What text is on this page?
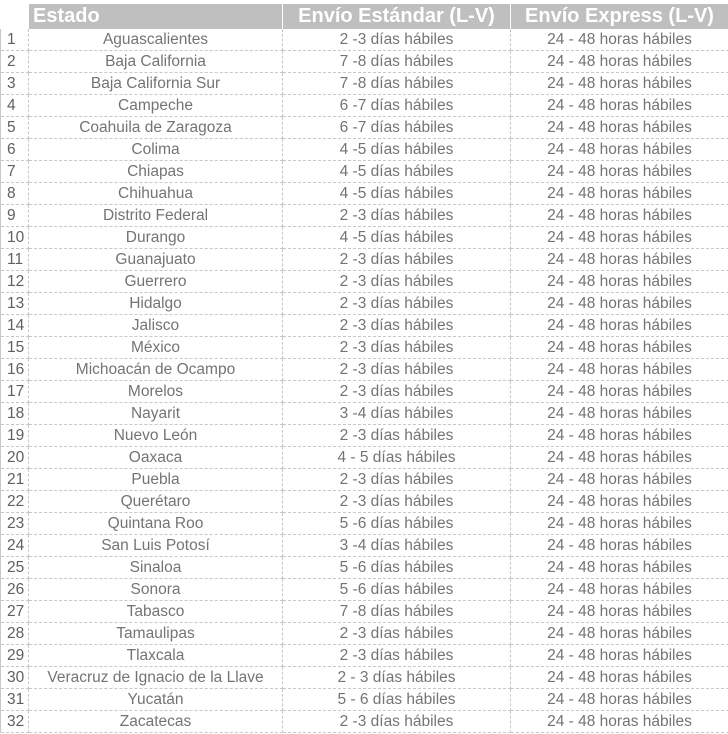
	Estado	Envío Estándar (L-V)	Envío Express (L-V)
1	Aguascalientes	2 -3 días hábiles	24 - 48 horas hábiles
2	Baja California	7 -8 días hábiles	24 - 48 horas hábiles
3	Baja California Sur	7 -8 días hábiles	24 - 48 horas hábiles
4	Campeche	6 -7 días hábiles	24 - 48 horas hábiles
5	Coahuila de Zaragoza	6 -7 días hábiles	24 - 48 horas hábiles
6	Colima	4 -5 días hábiles	24 - 48 horas hábiles
7	Chiapas	4 -5 días hábiles	24 - 48 horas hábiles
8	Chihuahua	4 -5 días hábiles	24 - 48 horas hábiles
9	Distrito Federal	2 -3 días hábiles	24 - 48 horas hábiles
10	Durango	4 -5 días hábiles	24 - 48 horas hábiles
11	Guanajuato	2 -3 días hábiles	24 - 48 horas hábiles
12	Guerrero	2 -3 días hábiles	24 - 48 horas hábiles
13	Hidalgo	2 -3 días hábiles	24 - 48 horas hábiles
14	Jalisco	2 -3 días hábiles	24 - 48 horas hábiles
15	México	2 -3 días hábiles	24 - 48 horas hábiles
16	Michoacán de Ocampo	2 -3 días hábiles	24 - 48 horas hábiles
17	Morelos	2 -3 días hábiles	24 - 48 horas hábiles
18	Nayarit	3 -4 días hábiles	24 - 48 horas hábiles
19	Nuevo León	2 -3 días hábiles	24 - 48 horas hábiles
20	Oaxaca	4 - 5 días hábiles	24 - 48 horas hábiles
21	Puebla	2 -3 días hábiles	24 - 48 horas hábiles
22	Querétaro	2 -3 días hábiles	24 - 48 horas hábiles
23	Quintana Roo	5 -6 días hábiles	24 - 48 horas hábiles
24	San Luis Potosí	3 -4 días hábiles	24 - 48 horas hábiles
25	Sinaloa	5 -6 días hábiles	24 - 48 horas hábiles
26	Sonora	5 -6 días hábiles	24 - 48 horas hábiles
27	Tabasco	7 -8 días hábiles	24 - 48 horas hábiles
28	Tamaulipas	2 -3 días hábiles	24 - 48 horas hábiles
29	Tlaxcala	2 -3 días hábiles	24 - 48 horas hábiles
30	Veracruz de Ignacio de la Llave	2 - 3 días hábiles	24 - 48 horas hábiles
31	Yucatán	5 - 6 días hábiles	24 - 48 horas hábiles
32	Zacatecas	2 -3 días hábiles	24 - 48 horas hábiles
